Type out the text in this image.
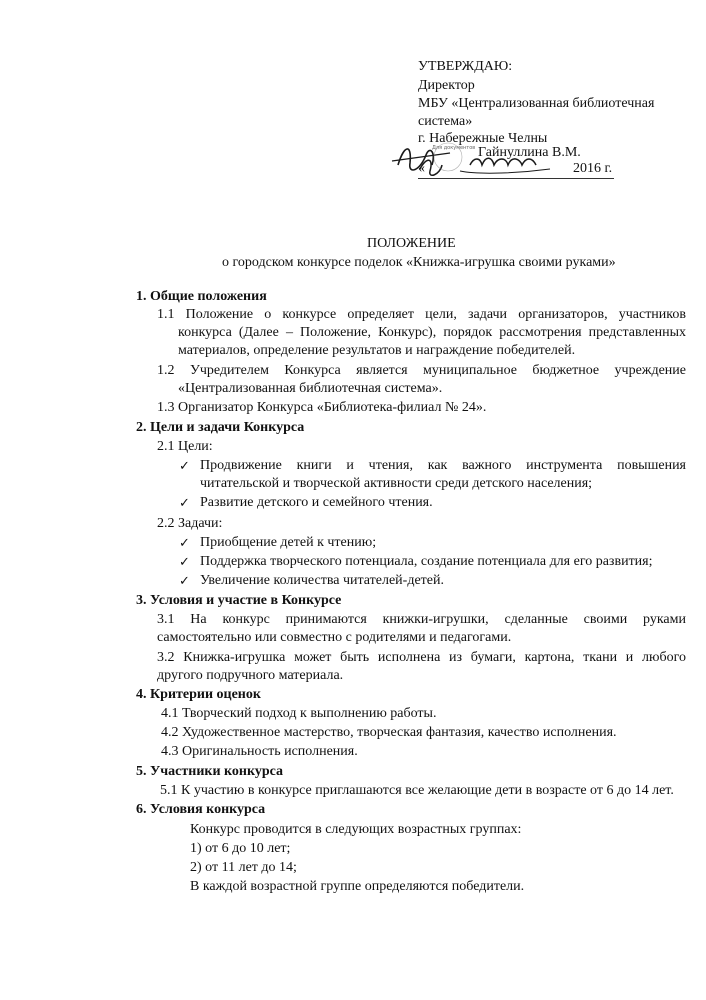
УТВЕРЖДАЮ:
Директор
МБУ «Централизованная библиотечная
система»
г. Набережные Челны
Гайнуллина В.М.
«	2016 г.
Для документов
ПОЛОЖЕНИЕ
о городском конкурсе поделок «Книжка-игрушка своими руками»
1. Общие положения
1.1 Положение о конкурсе определяет цели, задачи организаторов, участников
конкурса (Далее – Положение, Конкурс), порядок рассмотрения представленных
материалов, определение результатов и награждение победителей.
1.2 Учредителем Конкурса является муниципальное бюджетное учреждение
«Централизованная библиотечная система».
1.3 Организатор Конкурса «Библиотека-филиал № 24».
2. Цели и задачи Конкурса
2.1 Цели:
✓ Продвижение книги и чтения, как важного инструмента повышения
читательской и творческой активности среди детского населения;
✓ Развитие детского и семейного чтения.
2.2 Задачи:
✓ Приобщение детей к чтению;
✓ Поддержка творческого потенциала, создание потенциала для его развития;
✓ Увеличение количества читателей-детей.
3. Условия и участие в Конкурсе
3.1 На конкурс принимаются книжки-игрушки, сделанные своими руками
самостоятельно или совместно с родителями и педагогами.
3.2 Книжка-игрушка может быть исполнена из бумаги, картона, ткани и любого
другого подручного материала.
4. Критерии оценок
4.1 Творческий подход к выполнению работы.
4.2 Художественное мастерство, творческая фантазия, качество исполнения.
4.3 Оригинальность исполнения.
5. Участники конкурса
5.1 К участию в конкурсе приглашаются все желающие дети в возрасте от 6 до 14 лет.
6. Условия конкурса
Конкурс проводится в следующих возрастных группах:
1) от 6 до 10 лет;
2) от 11 лет до 14;
В каждой возрастной группе определяются победители.
